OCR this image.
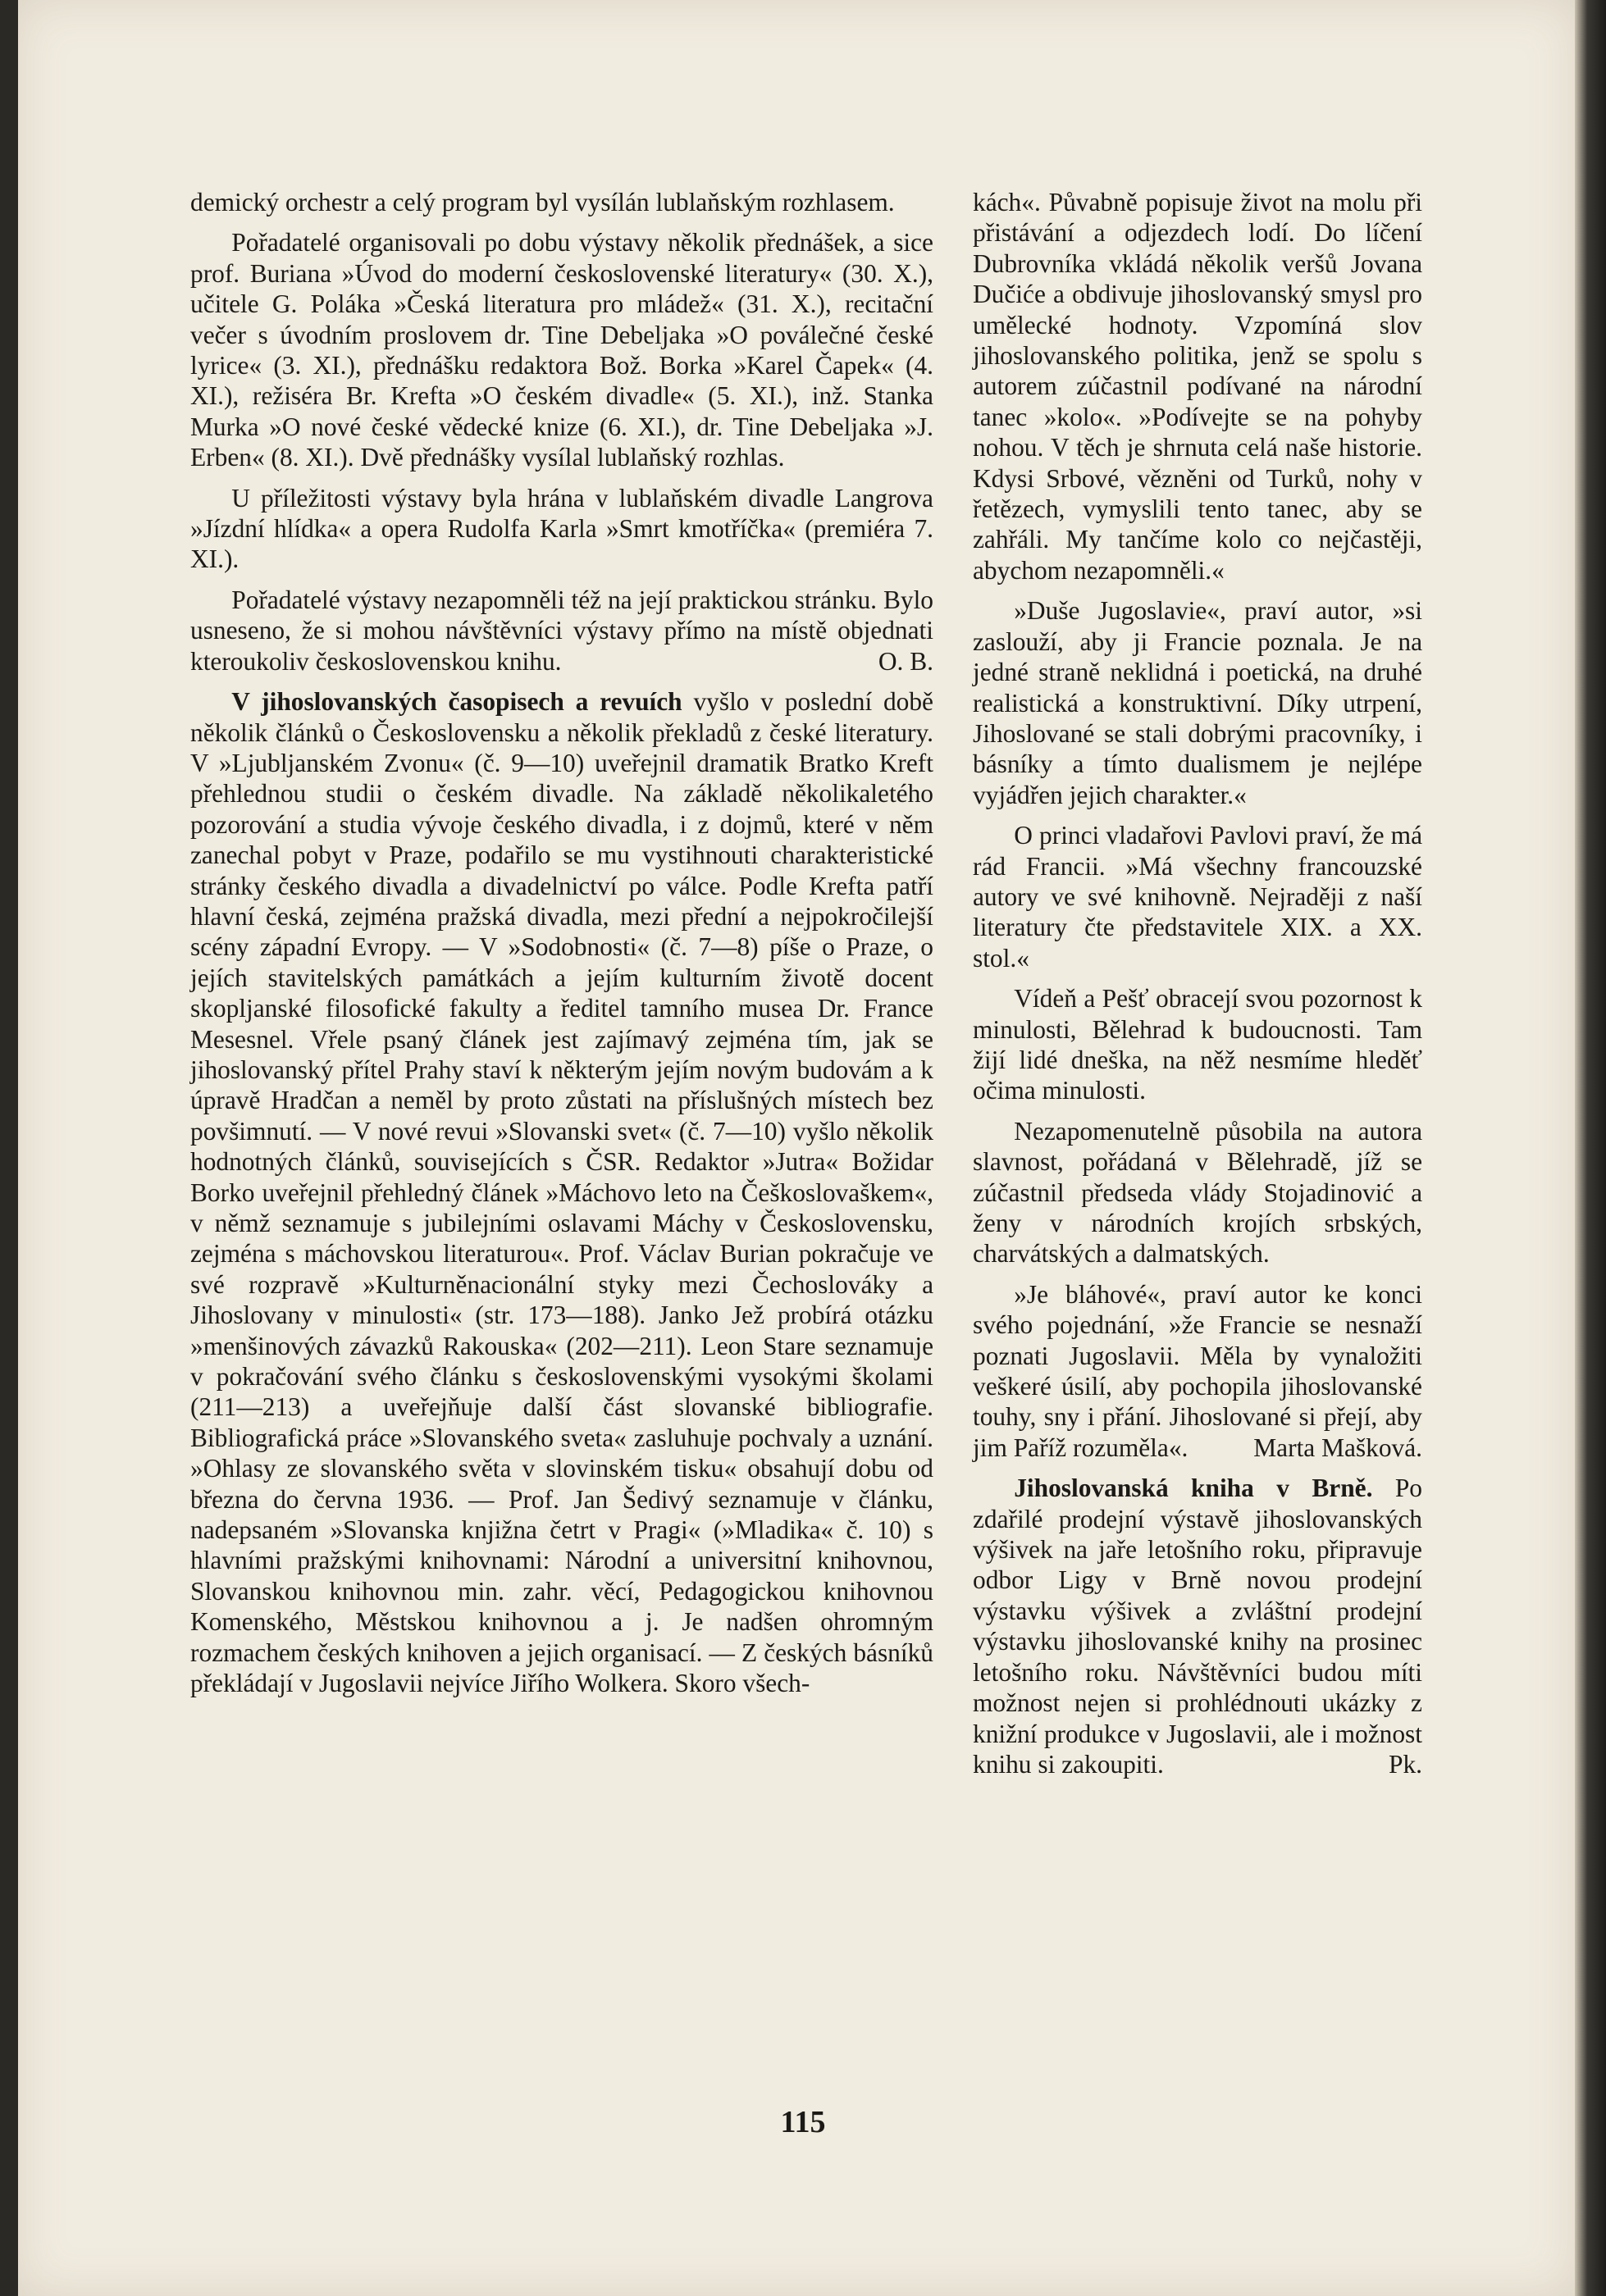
demický orchestr a celý program byl vysílán lublaňským rozhlasem.

Pořadatelé organisovali po dobu výstavy několik přednášek, a sice prof. Buriana »Úvod do moderní československé literatury« (30. X.), učitele G. Poláka »Česká literatura pro mládež« (31. X.), recitační večer s úvodním proslovem dr. Tine Debeljaka »O poválečné české lyrice« (3. XI.), přednášku redaktora Bož. Borka »Karel Čapek« (4. XI.), režiséra Br. Krefta »O českém divadle« (5. XI.), inž. Stanka Murka »O nové české vědecké knize (6. XI.), dr. Tine Debeljaka »J. Erben« (8. XI.). Dvě přednášky vysílal lublaňský rozhlas.

U příležitosti výstavy byla hrána v lublaňském divadle Langrova »Jízdní hlídka« a opera Rudolfa Karla »Smrt kmotříčka« (premiéra 7. XI.).

Pořadatelé výstavy nezapomněli též na její praktickou stránku. Bylo usneseno, že si mohou návštěvníci výstavy přímo na místě objednati kteroukoliv československou knihu.	O. B.

V jihoslovanských časopisech a revuích vyšlo v poslední době několik článků o Československu a několik překladů z české literatury. V »Ljubljanském Zvonu« (č. 9—10) uveřejnil dramatik Bratko Kreft přehlednou studii o českém divadle. Na základě několikaletého pozorování a studia vývoje českého divadla, i z dojmů, které v něm zanechal pobyt v Praze, podařilo se mu vystihnouti charakteristické stránky českého divadla a divadelnictví po válce. Podle Krefta patří hlavní česká, zejména pražská divadla, mezi přední a nejpokročilejší scény západní Evropy. — V »Sodobnosti« (č. 7—8) píše o Praze, o jejích stavitelských památkách a jejím kulturním životě docent skopljanské filosofické fakulty a ředitel tamního musea Dr. France Mesesnel. Vřele psaný článek jest zajímavý zejména tím, jak se jihoslovanský přítel Prahy staví k některým jejím novým budovám a k úpravě Hradčan a neměl by proto zůstati na příslušných místech bez povšimnutí. — V nové revui »Slovanski svet« (č. 7—10) vyšlo několik hodnotných článků, souvisejících s ČSR. Redaktor »Jutra« Božidar Borko uveřejnil přehledný článek »Máchovo leto na Češkoslovaškem«, v němž seznamuje s jubilejními oslavami Máchy v Československu, zejména s máchovskou literaturou«. Prof. Václav Burian pokračuje ve své rozpravě »Kulturněnacionální styky mezi Čechoslováky a Jihoslovany v minulosti« (str. 173—188). Janko Jež probírá otázku »menšinových závazků Rakouska« (202—211). Leon Stare seznamuje v pokračování svého článku s československými vysokými školami (211—213) a uveřejňuje další část slovanské bibliografie. Bibliografická práce »Slovanského sveta« zasluhuje pochvaly a uznání. »Ohlasy ze slovanského světa v slovinském tisku« obsahují dobu od března do června 1936. — Prof. Jan Šedivý seznamuje v článku, nadepsaném »Slovanska knjižna četrt v Pragi« (»Mladika« č. 10) s hlavními pražskými knihovnami: Národní a universitní knihovnou, Slovanskou knihovnou min. zahr. věcí, Pedagogickou knihovnou Komenského, Městskou knihovnou a j. Je nadšen ohromným rozmachem českých knihoven a jejich organisací. — Z českých básníků překládají v Jugoslavii nejvíce Jiřího Wolkera. Skoro všech-

kách«. Půvabně popisuje život na molu při přistávání a odjezdech lodí. Do líčení Dubrovníka vkládá několik veršů Jovana Dučiće a obdivuje jihoslovanský smysl pro umělecké hodnoty. Vzpomíná slov jihoslovanského politika, jenž se spolu s autorem zúčastnil podívané na národní tanec »kolo«. »Podívejte se na pohyby nohou. V těch je shrnuta celá naše historie. Kdysi Srbové, vězněni od Turků, nohy v řetězech, vymyslili tento tanec, aby se zahřáli. My tančíme kolo co nejčastěji, abychom nezapomněli.«

»Duše Jugoslavie«, praví autor, »si zaslouží, aby ji Francie poznala. Je na jedné straně neklidná i poetická, na druhé realistická a konstruktivní. Díky utrpení, Jihoslované se stali dobrými pracovníky, i básníky a tímto dualismem je nejlépe vyjádřen jejich charakter.«

O princi vladařovi Pavlovi praví, že má rád Francii. »Má všechny francouzské autory ve své knihovně. Nejraději z naší literatury čte představitele XIX. a XX. stol.«

Vídeň a Pešť obracejí svou pozornost k minulosti, Bělehrad k budoucnosti. Tam žijí lidé dneška, na něž nesmíme hleděť očima minulosti.

Nezapomenutelně působila na autora slavnost, pořádaná v Bělehradě, jíž se zúčastnil předseda vlády Stojadinović a ženy v národních krojích srbských, charvátských a dalmatských.

»Je bláhové«, praví autor ke konci svého pojednání, »že Francie se nesnaží poznati Jugoslavii. Měla by vynaložiti veškeré úsilí, aby pochopila jihoslovanské touhy, sny i přání. Jihoslované si přejí, aby jim Paříž rozuměla«.	Marta Mašková.

Jihoslovanská kniha v Brně. Po zdařilé prodejní výstavě jihoslovanských výšivek na jaře letošního roku, připravuje odbor Ligy v Brně novou prodejní výstavku výšivek a zvláštní prodejní výstavku jihoslovanské knihy na prosinec letošního roku. Návštěvníci budou míti možnost nejen si prohlédnouti ukázky z knižní produkce v Jugoslavii, ale i možnost knihu si zakoupiti.	Pk.

115
